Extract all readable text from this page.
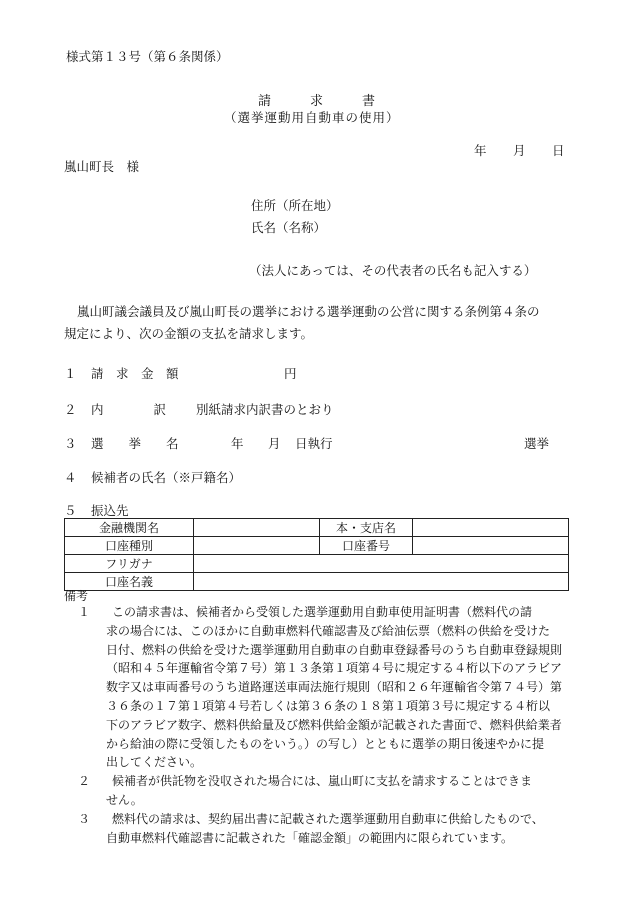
様式第１３号（第６条関係）
請　　　求　　　書
（選挙運動用自動車の使用）
年 月 日
嵐山町長　様
住所（所在地）
氏名（名称）
（法人にあっては、その代表者の氏名も記入する）
嵐山町議会議員及び嵐山町長の選挙における選挙運動の公営に関する条例第４条の
規定により、次の金額の支払を請求します。
１ 請　求　金　額	円
２ 内　　　　訳 別紙請求内訳書のとおり
３ 選　　挙　　名	年 月 日執行	選挙
４ 候補者の氏名（※戸籍名）
５ 振込先
金融機関名		本・支店名	
口座種別		口座番号	
フリガナ			
口座名義			
備考
１	この請求書は、候補者から受領した選挙運動用自動車使用証明書（燃料代の請
求の場合には、このほかに自動車燃料代確認書及び給油伝票（燃料の供給を受けた
日付、燃料の供給を受けた選挙運動用自動車の自動車登録番号のうち自動車登録規則
（昭和４５年運輸省令第７号）第１３条第１項第４号に規定する４桁以下のアラビア
数字又は車両番号のうち道路運送車両法施行規則（昭和２６年運輸省令第７４号）第
３６条の１７第１項第４号若しくは第３６条の１８第１項第３号に規定する４桁以
下のアラビア数字、燃料供給量及び燃料供給金額が記載された書面で、燃料供給業者
から給油の際に受領したものをいう。）の写し）とともに選挙の期日後速やかに提
出してください。
２	候補者が供託物を没収された場合には、嵐山町に支払を請求することはできま
せん。
３	燃料代の請求は、契約届出書に記載された選挙運動用自動車に供給したもので、
自動車燃料代確認書に記載された「確認金額」の範囲内に限られています。
